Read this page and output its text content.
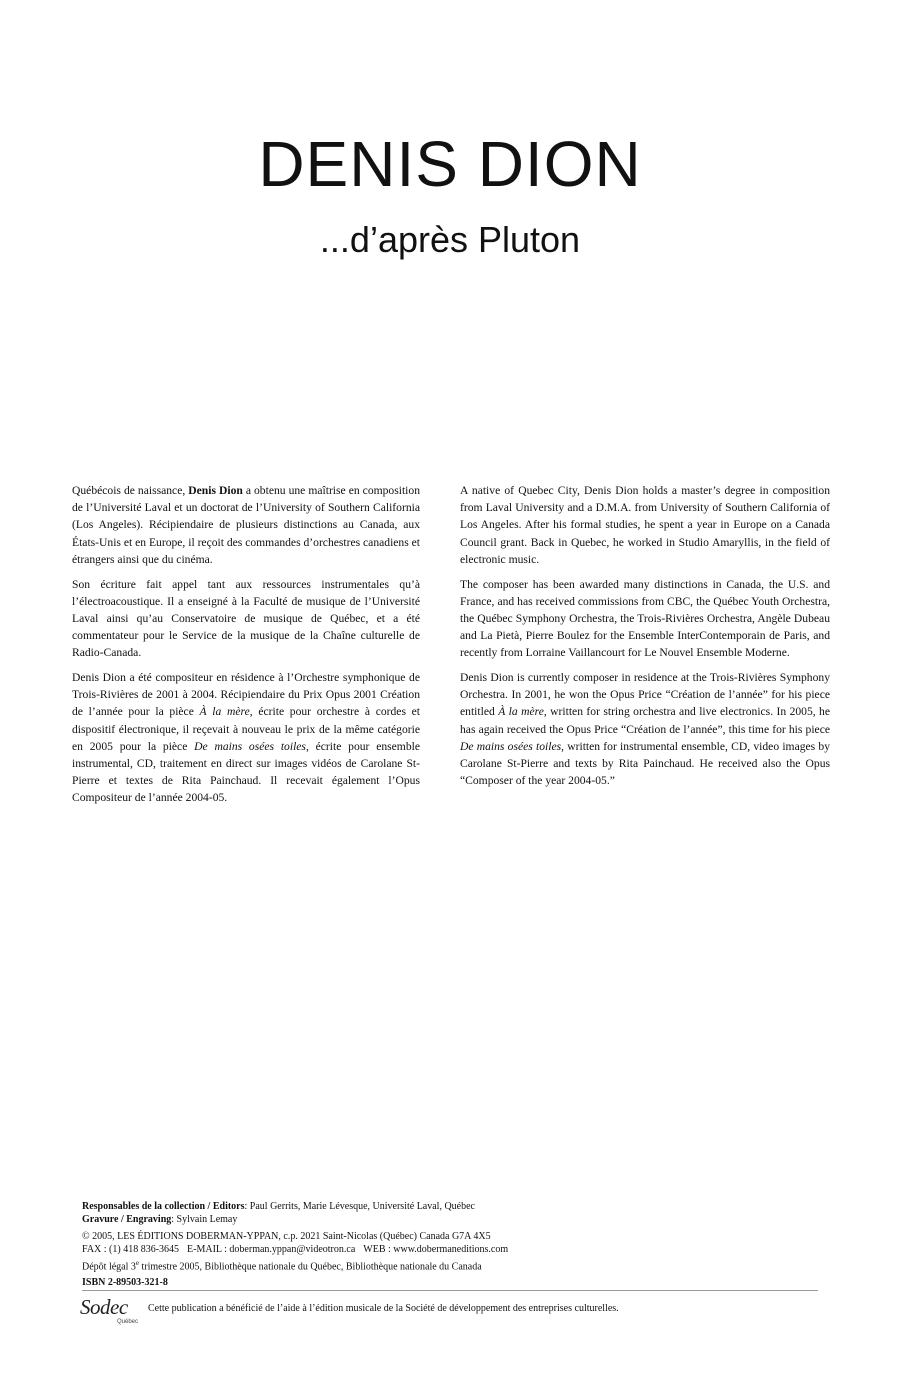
DENIS DION
...d’après Pluton

Québécois de naissance, Denis Dion a obtenu une maîtrise en composition de l’Université Laval et un doctorat de l’University of Southern California (Los Angeles). Récipiendaire de plusieurs distinctions au Canada, aux États-Unis et en Europe, il reçoit des commandes d’orchestres canadiens et étrangers ainsi que du cinéma.

Son écriture fait appel tant aux ressources instrumentales qu’à l’électroacoustique. Il a enseigné à la Faculté de musique de l’Université Laval ainsi qu’au Conservatoire de musique de Québec, et a été commentateur pour le Service de la musique de la Chaîne culturelle de Radio-Canada.

Denis Dion a été compositeur en résidence à l’Orchestre symphonique de Trois-Rivières de 2001 à 2004. Récipiendaire du Prix Opus 2001 Création de l’année pour la pièce À la mère, écrite pour orchestre à cordes et dispositif électronique, il reçevait à nouveau le prix de la même catégorie en 2005 pour la pièce De mains osées toiles, écrite pour ensemble instrumental, CD, traitement en direct sur images vidéos de Carolane St-Pierre et textes de Rita Painchaud. Il recevait également l’Opus Compositeur de l’année 2004-05.

A native of Quebec City, Denis Dion holds a master’s degree in composition from Laval University and a D.M.A. from University of Southern California of Los Angeles. After his formal studies, he spent a year in Europe on a Canada Council grant. Back in Quebec, he worked in Studio Amaryllis, in the field of electronic music.

The composer has been awarded many distinctions in Canada, the U.S. and France, and has received commissions from CBC, the Québec Youth Orchestra, the Québec Symphony Orchestra, the Trois-Rivières Orchestra, Angèle Dubeau and La Pietà, Pierre Boulez for the Ensemble InterContemporain de Paris, and recently from Lorraine Vaillancourt for Le Nouvel Ensemble Moderne.

Denis Dion is currently composer in residence at the Trois-Rivières Symphony Orchestra. In 2001, he won the Opus Price “Création de l’année” for his piece entitled À la mère, written for string orchestra and live electronics. In 2005, he has again received the Opus Price “Création de l’année”, this time for his piece De mains osées toiles, written for instrumental ensemble, CD, video images by Carolane St-Pierre and texts by Rita Painchaud. He received also the Opus “Composer of the year 2004-05.”

Responsables de la collection / Editors: Paul Gerrits, Marie Lévesque, Université Laval, Québec
Gravure / Engraving: Sylvain Lemay
© 2005, LES ÉDITIONS DOBERMAN-YPPAN, c.p. 2021 Saint-Nicolas (Québec) Canada G7A 4X5
FAX : (1) 418 836-3645 E-MAIL : doberman.yppan@videotron.ca WEB : www.dobermaneditions.com
Dépôt légal 3e trimestre 2005, Bibliothèque nationale du Québec, Bibliothèque nationale du Canada
ISBN 2-89503-321-8
Sodec
Québec
Cette publication a bénéficié de l’aide à l’édition musicale de la Société de développement des entreprises culturelles.
